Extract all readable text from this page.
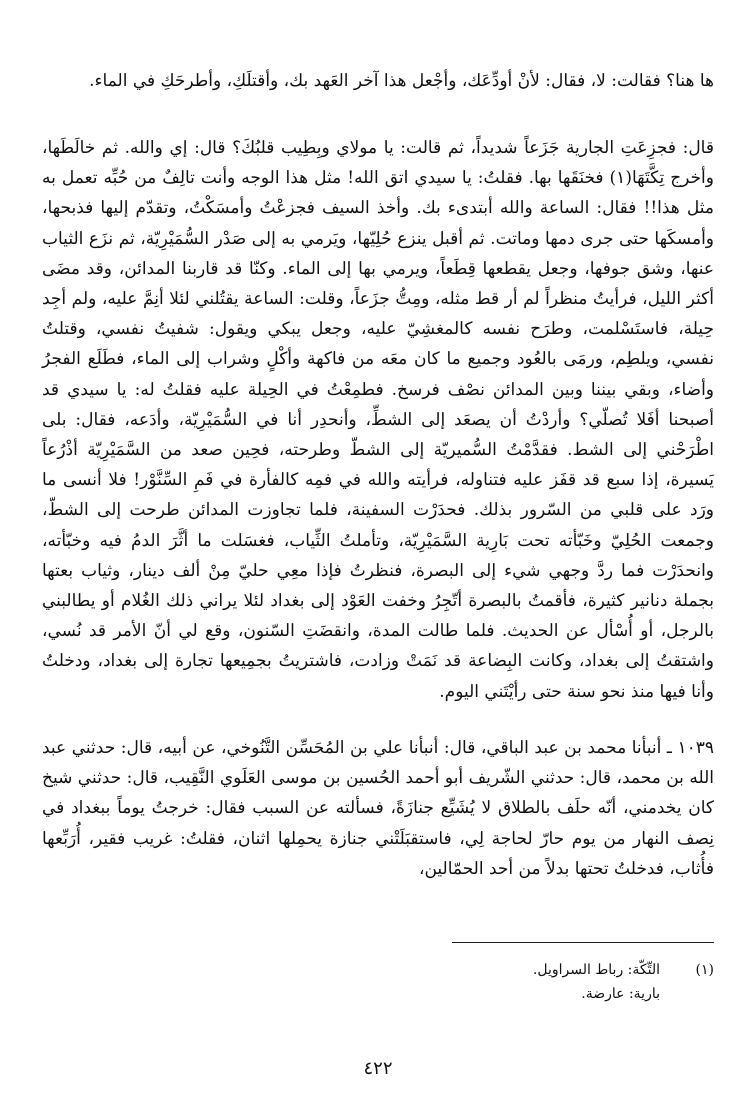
ها هنا؟ فقالت: لا، فقال: لأنْ أودِّعَك، وأجْعل هذا آخر العَهد بك، وأقتلَكِ، وأطرحَكِ في الماء.

قال: فجزِعَتِ الجارية جَزَعاً شديداً، ثم قالت: يا مولاي وبِطِيب قلبُكَ؟ قال: إي والله. ثم خالَطَها، وأخرج تِكَّتَهَا(١) فخنَقَها بها. فقلتُ: يا سيدي اتق الله! مثل هذا الوجه وأنت تالِفٌ من حُبِّه تعمل به مثل هذا!! فقال: الساعة والله أبتدىء بك. وأخذ السيف فجزعْتُ وأمسَكْتُ، وتقدّم إليها فذبحها، وأمسكَها حتى جرى دمها وماتت. ثم أقبل ينزع حُلِيّها، ويَرمي به إلى صَدْر السُّمَيْرِيّة، ثم نزَع الثياب عنها، وشق جوفها، وجعل يقطعها قِطَعاً، ويرمي بها إلى الماء. وكنّا قد قاربنا المدائن، وقد مضَى أكثر الليل، فرأيتُ منظراً لم أر قط مثله، ومِتُّ جزَعاً، وقلت: الساعة يقتُلني لئلا أنِمَّ عليه، ولم أجِد حِيلة، فاستَسْلمت، وطرَح نفسه كالمغشِيّ عليه، وجعل يبكي ويقول: شفيتُ نفسي، وقتلتُ نفسي، ويلطِم، ورمَى بالعُود وجميع ما كان معَه من فاكهة وأكْلٍ وشراب إلى الماء، فطَلَع الفجرُ وأضاء، وبقي بيننا وبين المدائن نصْف فرسخ. فطمِعْتُ في الحِيلة عليه فقلتُ له: يا سيدي قد أصبحنا أفَلا تُصلّي؟ وأردْتُ أن يصعَد إلى الشطِّ، وأنحدِر أنا في السُّمَيْرِيّة، وأدَعه، فقال: بلى اطْرَحْني إلى الشط. فقدَّمْتُ السُّميريّة إلى الشطّ وطرحته، فحِين صعد من السَّمَيْرِيّة أذْرُعاً يَسيرة، إذا سبع قد قفَز عليه فتناوله، فرأيته والله في فمِه كالفأرة في فَمِ السِّنَّوْر! فلا أنسى ما ورَد على قلبي من السّرور بذلك. فحدَرْت السفينة، فلما تجاوزت المدائن طرحت إلى الشطّ، وجمعت الحُلِيّ وخَبّأته تحت بَارِية السَّمَيْرِيّة، وتأملتُ الثِّياب، فغسَلت ما أثَّرَ الدمُ فيه وخبّأته، وانحدَرْت فما ردَّ وجهي شيء إلى البصرة، فنظرتُ فإذا معِي حليّ مِنْ ألف دينار، وثياب بعتها بجملة دنانير كثيرة، فأقمتُ بالبصرة أتّجِرُ وخفت العَوْد إلى بغداد لئلا يراني ذلك الغُلام أو يطالبني بالرجل، أو أُسْأل عن الحديث. فلما طالت المدة، وانقضَتِ السّنون، وقع لي أنّ الأمر قد نُسي، واشتقتُ إلى بغداد، وكانت البِضاعة قد نَمَتْ وزادت، فاشتريتُ بجمِيعها تجارة إلى بغداد، ودخلتُ وأنا فيها منذ نحو سنة حتى رأيْتَني اليوم.

١٠٣٩ ـ أنبأنا محمد بن عبد الباقي، قال: أنبأنا علي بن المُحَسِّن التَّنُوخي، عن أبيه، قال: حدثني عبد الله بن محمد، قال: حدثني الشّريف أبو أحمد الحُسين بن موسى العَلَوي النَّقِيب، قال: حدثني شيخ كان يخدمني، أنّه حلَف بالطلاق لا يُشَيِّع جنازَةً، فسألته عن السبب فقال: خرجتُ يوماً ببغداد في نِصف النهار من يوم حارّ لحاجة لِي، فاستقبَلَتْني جنازة يحمِلها اثنان، فقلتُ: غريب فقير، أُرَبِّعها فأُثاب، فدخلتُ تحتها بدلاً من أحد الحمّالين،

(١)
التِّكّة: رباط السراويل.
بارية: عارضة.
٤٢٢
